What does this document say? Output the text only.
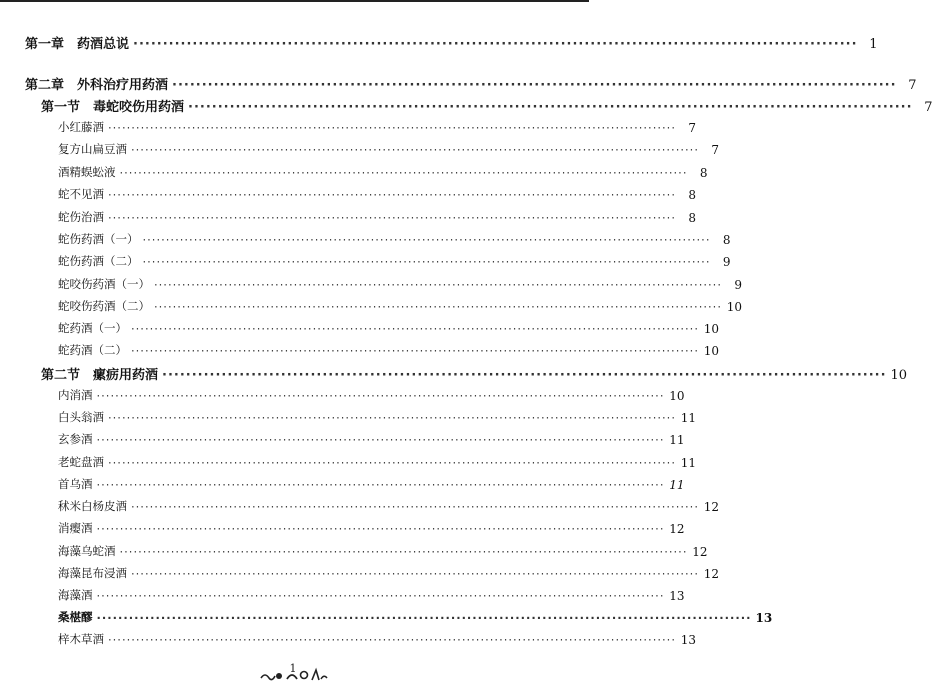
第一章　药酒总说 ·························································································································· 1
第二章　外科治疗用药酒 ·························································································································· 7
第一节　毒蛇咬伤用药酒 ·························································································································· 7
小红藤酒 ··························································································································	7
复方山扁豆酒 ··························································································································	7
酒精蜈蚣液 ··························································································································	8
蛇不见酒 ··························································································································	8
蛇伤治酒 ··························································································································	8
蛇伤药酒（一） ··························································································································	8
蛇伤药酒（二） ··························································································································	9
蛇咬伤药酒（一） ··························································································································	9
蛇咬伤药酒（二） ·························································································································· 10
蛇药酒（一） ·························································································································· 10
蛇药酒（二） ·························································································································· 10
第二节　瘰疬用药酒 ·························································································································· 10
内消酒 ·························································································································· 10
白头翁酒 ·························································································································· 11
玄参酒 ·························································································································· 11
老蛇盘酒 ·························································································································· 11
首乌酒 ·························································································································· 11
秫米白杨皮酒 ·························································································································· 12
消瘿酒 ·························································································································· 12
海藻乌蛇酒 ·························································································································· 12
海藻昆布浸酒 ·························································································································· 12
海藻酒 ·························································································································· 13
桑椹醪 ·························································································································· 13
梓木草酒 ·························································································································· 13
1
